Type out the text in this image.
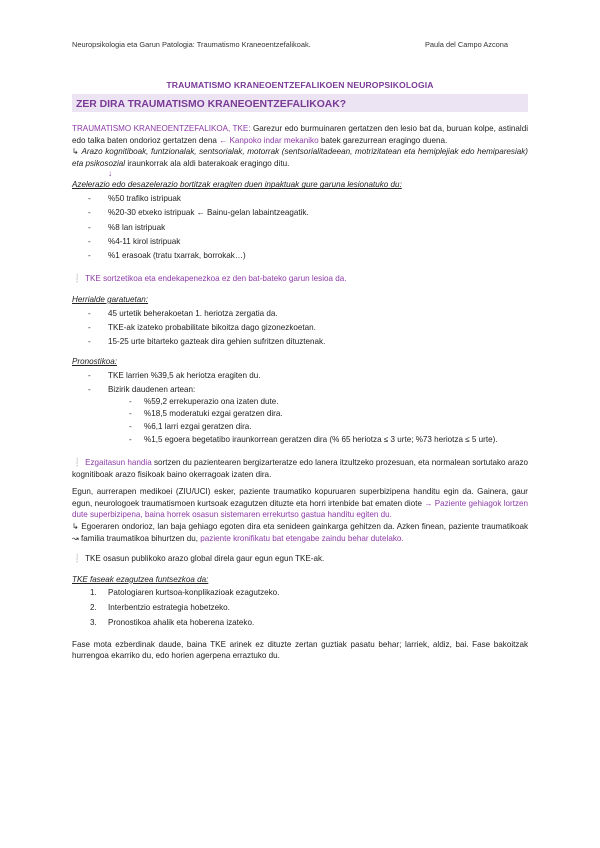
Neuropsikologia eta Garun Patologia: Traumatismo Kraneoentzefalikoak.	Paula del Campo Azcona
TRAUMATISMO KRANEOENTZEFALIKOEN NEUROPSIKOLOGIA
ZER DIRA TRAUMATISMO KRANEOENTZEFALIKOAK?

TRAUMATISMO KRANEOENTZEFALIKOA, TKE: Garezur edo burmuinaren gertatzen den lesio bat da, buruan kolpe, astinaldi edo talka baten ondorioz gertatzen dena ← Kanpoko indar mekaniko batek garezurrean eragingo duena.

↳ Arazo kognitiboak, funtzionalak, sentsorialak, motorrak (sentsorialitadeean, motrizitatean eta hemiplejiak edo hemiparesiak) eta psikosozial iraunkorrak ala aldi baterakoak eragingo ditu.

↓

Azelerazio edo desazelerazio bortitzak eragiten duen inpaktuak gure garuna lesionatuko du:

- %50 trafiko istripuak
- %20-30 etxeko istripuak ← Bainu-gelan labaintzeagatik.
- %8 lan istripuak
- %4-11 kirol istripuak
- %1 erasoak (tratu txarrak, borrokak…)

❕ TKE sortzetikoa eta endekapenezkoa ez den bat-bateko garun lesioa da.

Herrialde garatuetan:

- 45 urtetik beherakoetan 1. heriotza zergatia da.
- TKE-ak izateko probabilitate bikoitza dago gizonezkoetan.
- 15-25 urte bitarteko gazteak dira gehien sufritzen dituztenak.

Pronostikoa:

- TKE larrien %39,5 ak heriotza eragiten du.
- Bizirik daudenen artean:
- %59,2 errekuperazio ona izaten dute.
- %18,5 moderatuki ezgai geratzen dira.
- %6,1 larri ezgai geratzen dira.
- %1,5 egoera begetatibo iraunkorrean geratzen dira (% 65 heriotza ≤ 3 urte; %73 heriotza ≤ 5 urte).

❕ Ezgaitasun handia sortzen du pazientearen bergizarteratze edo lanera itzultzeko prozesuan, eta normalean sortutako arazo kognitiboak arazo fisikoak baino okerragoak izaten dira.

Egun, aurrerapen medikoei (ZIU/UCI) esker, paziente traumatiko kopuruaren superbizipena handitu egin da. Gainera, gaur egun, neurologoek traumatismoen kurtsoak ezagutzen dituzte eta horri irtenbide bat ematen diote → Paziente gehiagok lortzen dute superbizipena, baina horrek osasun sistemaren errekurtso gastua handitu egiten du.

↳ Egoeraren ondorioz, lan baja gehiago egoten dira eta senideen gainkarga gehitzen da. Azken finean, paziente traumatikoak ↝ familia traumatikoa bihurtzen du, paziente kronifikatu bat etengabe zaindu behar dutelako.

❕ TKE osasun publikoko arazo global direla gaur egun egun TKE-ak.

TKE faseak ezagutzea funtsezkoa da:

1. Patologiaren kurtsoa-konplikazioak ezagutzeko.
2. Interbentzio estrategia hobetzeko.
3. Pronostikoa ahalik eta hoberena izateko.

Fase mota ezberdinak daude, baina TKE arinek ez dituzte zertan guztiak pasatu behar; larriek, aldiz, bai. Fase bakoitzak hurrengoa ekarriko du, edo horien agerpena erraztuko du.
